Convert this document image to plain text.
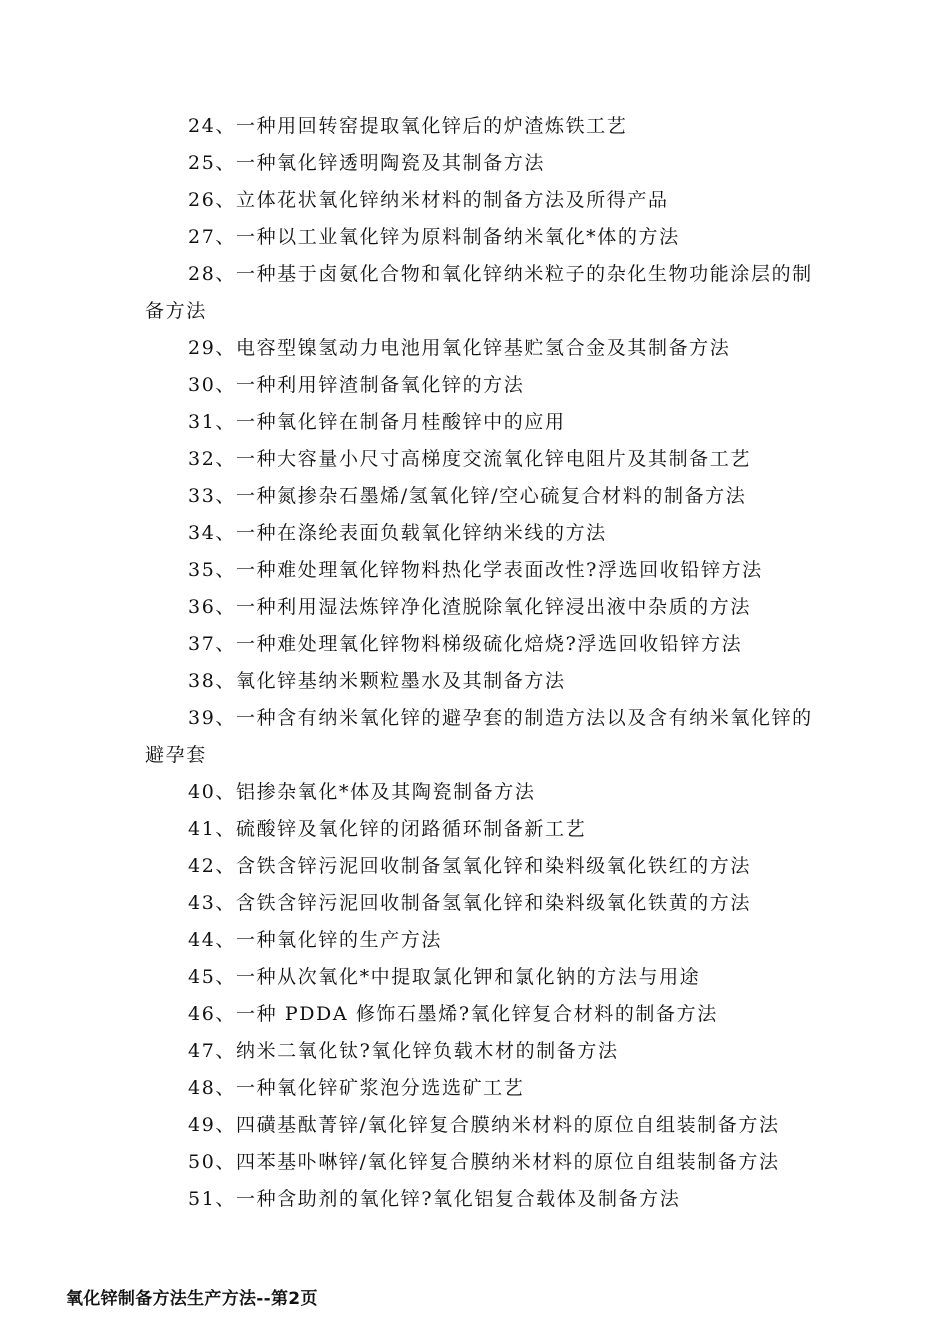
24、一种用回转窑提取氧化锌后的炉渣炼铁工艺
25、一种氧化锌透明陶瓷及其制备方法
26、立体花状氧化锌纳米材料的制备方法及所得产品
27、一种以工业氧化锌为原料制备纳米氧化*体的方法
28、一种基于卤氨化合物和氧化锌纳米粒子的杂化生物功能涂层的制备方法
29、电容型镍氢动力电池用氧化锌基贮氢合金及其制备方法
30、一种利用锌渣制备氧化锌的方法
31、一种氧化锌在制备月桂酸锌中的应用
32、一种大容量小尺寸高梯度交流氧化锌电阻片及其制备工艺
33、一种氮掺杂石墨烯/氢氧化锌/空心硫复合材料的制备方法
34、一种在涤纶表面负载氧化锌纳米线的方法
35、一种难处理氧化锌物料热化学表面改性?浮选回收铅锌方法
36、一种利用湿法炼锌净化渣脱除氧化锌浸出液中杂质的方法
37、一种难处理氧化锌物料梯级硫化焙烧?浮选回收铅锌方法
38、氧化锌基纳米颗粒墨水及其制备方法
39、一种含有纳米氧化锌的避孕套的制造方法以及含有纳米氧化锌的避孕套
40、铝掺杂氧化*体及其陶瓷制备方法
41、硫酸锌及氧化锌的闭路循环制备新工艺
42、含铁含锌污泥回收制备氢氧化锌和染料级氧化铁红的方法
43、含铁含锌污泥回收制备氢氧化锌和染料级氧化铁黄的方法
44、一种氧化锌的生产方法
45、一种从次氧化*中提取氯化钾和氯化钠的方法与用途
46、一种 PDDA 修饰石墨烯?氧化锌复合材料的制备方法
47、纳米二氧化钛?氧化锌负载木材的制备方法
48、一种氧化锌矿浆泡分选选矿工艺
49、四磺基酞菁锌/氧化锌复合膜纳米材料的原位自组装制备方法
50、四苯基卟啉锌/氧化锌复合膜纳米材料的原位自组装制备方法
51、一种含助剂的氧化锌?氧化铝复合载体及制备方法
氧化锌制备方法生产方法--第2页
